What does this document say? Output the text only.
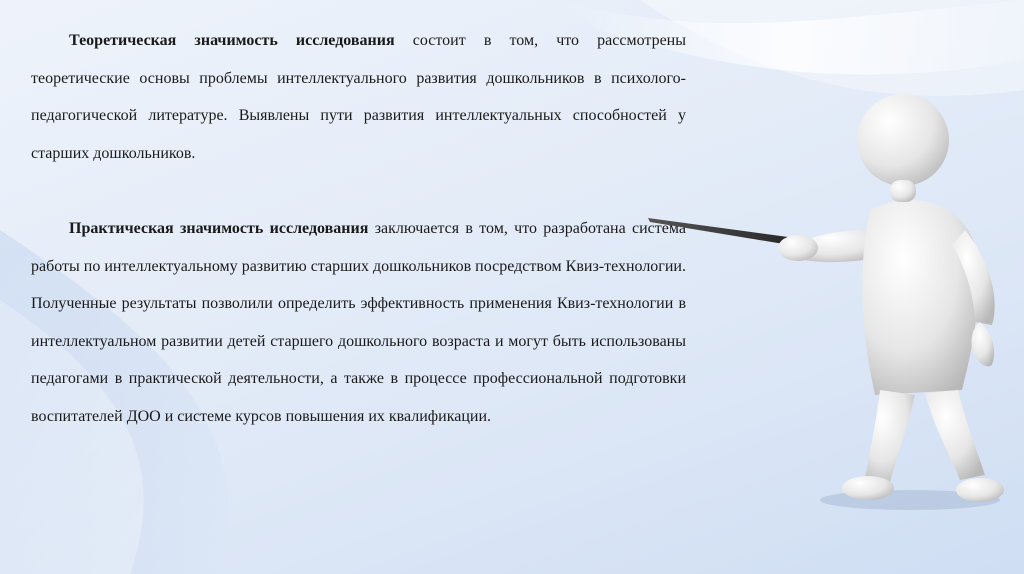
Теоретическая значимость исследования состоит в том, что рассмотрены теоретические основы проблемы интеллектуального развития дошкольников в психолого-педагогической литературе. Выявлены пути развития интеллектуальных способностей у старших дошкольников.

Практическая значимость исследования заключается в том, что разработана система работы по интеллектуальному развитию старших дошкольников посредством Квиз-технологии. Полученные результаты позволили определить эффективность применения Квиз-технологии в интеллектуальном развитии детей старшего дошкольного возраста и могут быть использованы педагогами в практической деятельности, а также в процессе профессиональной подготовки воспитателей ДОО и системе курсов повышения их квалификации.
